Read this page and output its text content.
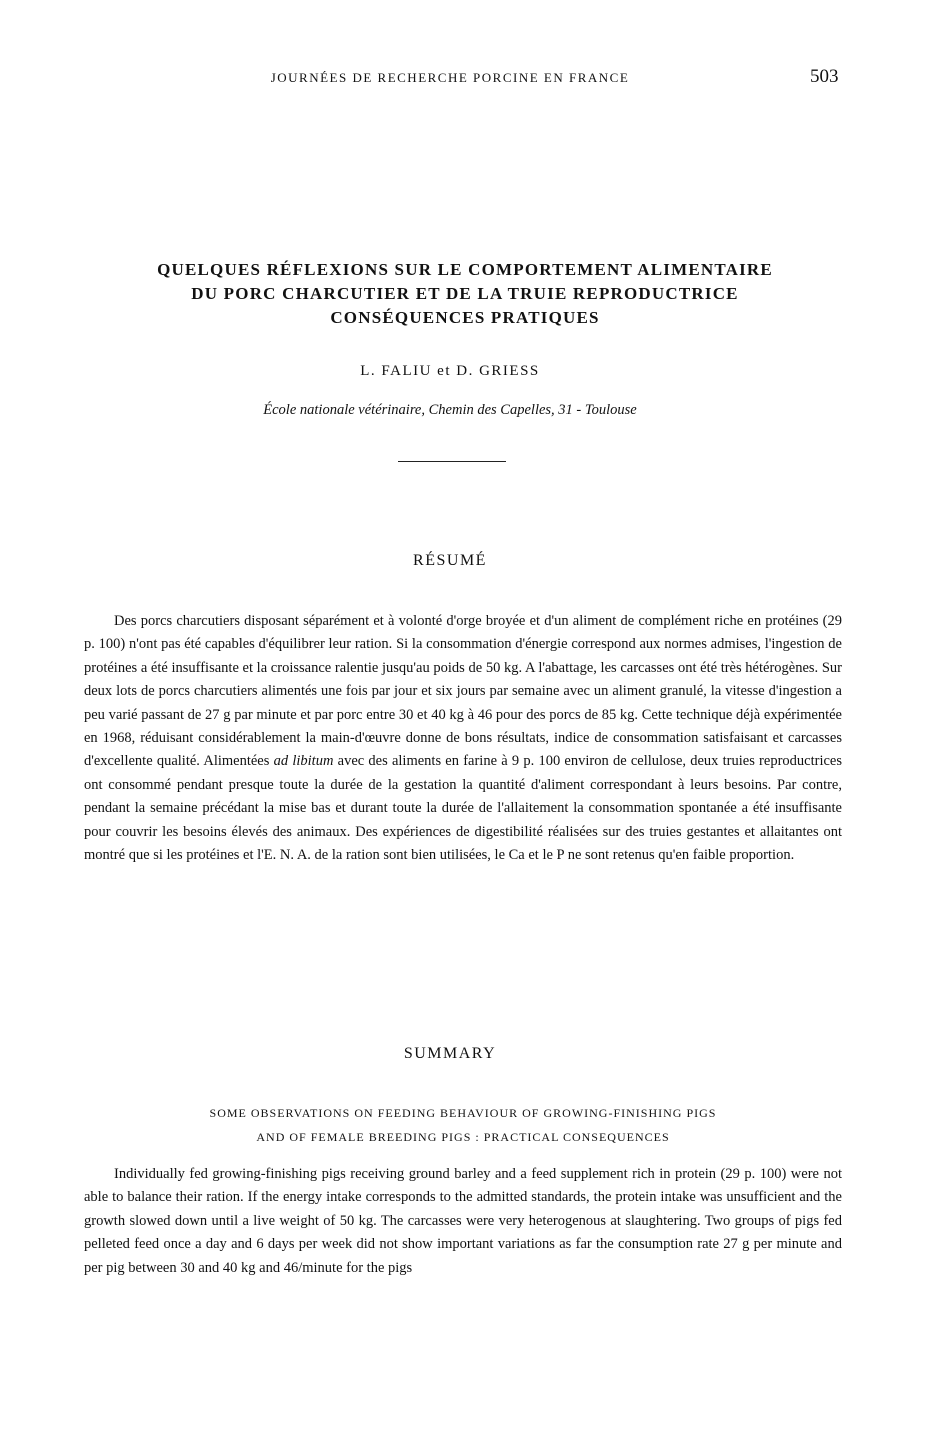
JOURNÉES DE RECHERCHE PORCINE EN FRANCE	503
QUELQUES RÉFLEXIONS SUR LE COMPORTEMENT ALIMENTAIRE
DU PORC CHARCUTIER ET DE LA TRUIE REPRODUCTRICE
CONSÉQUENCES PRATIQUES
L. FALIU et D. GRIESS
École nationale vétérinaire, Chemin des Capelles, 31 - Toulouse
RÉSUMÉ

Des porcs charcutiers disposant séparément et à volonté d'orge broyée et d'un aliment de complément riche en protéines (29 p. 100) n'ont pas été capables d'équilibrer leur ration. Si la consommation d'énergie correspond aux normes admises, l'ingestion de protéines a été insuffisante et la croissance ralentie jusqu'au poids de 50 kg. A l'abattage, les carcasses ont été très hétérogènes. Sur deux lots de porcs charcutiers alimentés une fois par jour et six jours par semaine avec un aliment granulé, la vitesse d'ingestion a peu varié passant de 27 g par minute et par porc entre 30 et 40 kg à 46 pour des porcs de 85 kg. Cette technique déjà expérimentée en 1968, réduisant considérablement la main-d'œuvre donne de bons résultats, indice de consommation satisfaisant et carcasses d'excellente qualité. Alimentées ad libitum avec des aliments en farine à 9 p. 100 environ de cellulose, deux truies reproductrices ont consommé pendant presque toute la durée de la gestation la quantité d'aliment correspondant à leurs besoins. Par contre, pendant la semaine précédant la mise bas et durant toute la durée de l'allaitement la consommation spontanée a été insuffisante pour couvrir les besoins élevés des animaux. Des expériences de digestibilité réalisées sur des truies gestantes et allaitantes ont montré que si les protéines et l'E. N. A. de la ration sont bien utilisées, le Ca et le P ne sont retenus qu'en faible proportion.

SUMMARY
SOME OBSERVATIONS ON FEEDING BEHAVIOUR OF GROWING-FINISHING PIGS
AND OF FEMALE BREEDING PIGS : PRACTICAL CONSEQUENCES

Individually fed growing-finishing pigs receiving ground barley and a feed supplement rich in protein (29 p. 100) were not able to balance their ration. If the energy intake corresponds to the admitted standards, the protein intake was unsufficient and the growth slowed down until a live weight of 50 kg. The carcasses were very heterogenous at slaughtering. Two groups of pigs fed pelleted feed once a day and 6 days per week did not show important variations as far the consumption rate 27 g per minute and per pig between 30 and 40 kg and 46/minute for the pigs
